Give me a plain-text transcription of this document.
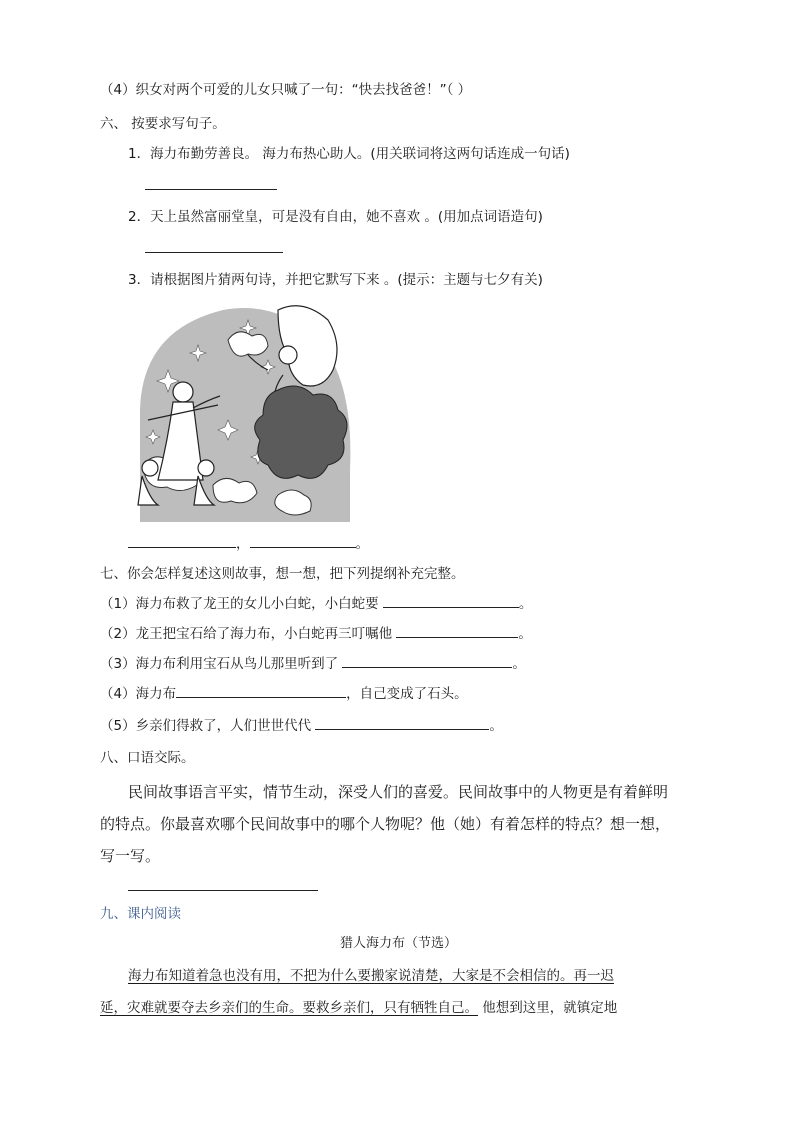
（4）织女对两个可爱的儿女只喊了一句：“快去找爸爸！”（ ）
六、 按要求写句子。
1．海力布勤劳善良。 海力布热心助人。(用关联词将这两句话连成一句话)
2．天上虽然富丽堂皇，可是没有自由，她不喜欢 。(用加点词语造句)
3．请根据图片猜两句诗，并把它默写下来 。(提示：主题与七夕有关)
，	。
七、你会怎样复述这则故事，想一想，把下列提纲补充完整。
（1）海力布救了龙王的女儿小白蛇，小白蛇要	。
（2）龙王把宝石给了海力布，小白蛇再三叮嘱他	。
（3）海力布利用宝石从鸟儿那里听到了	。
（4）海力布	，自己变成了石头。
（5）乡亲们得救了，人们世世代代	。
八、口语交际。
民间故事语言平实，情节生动，深受人们的喜爱。民间故事中的人物更是有着鲜明
的特点。你最喜欢哪个民间故事中的哪个人物呢？他（她）有着怎样的特点？想一想，
写一写。
九、课内阅读
猎人海力布（节选）
海力布知道着急也没有用，不把为什么要搬家说清楚，大家是不会相信的。再一迟
延，灾难就要夺去乡亲们的生命。要救乡亲们，只有牺牲自己。 他想到这里，就镇定地
